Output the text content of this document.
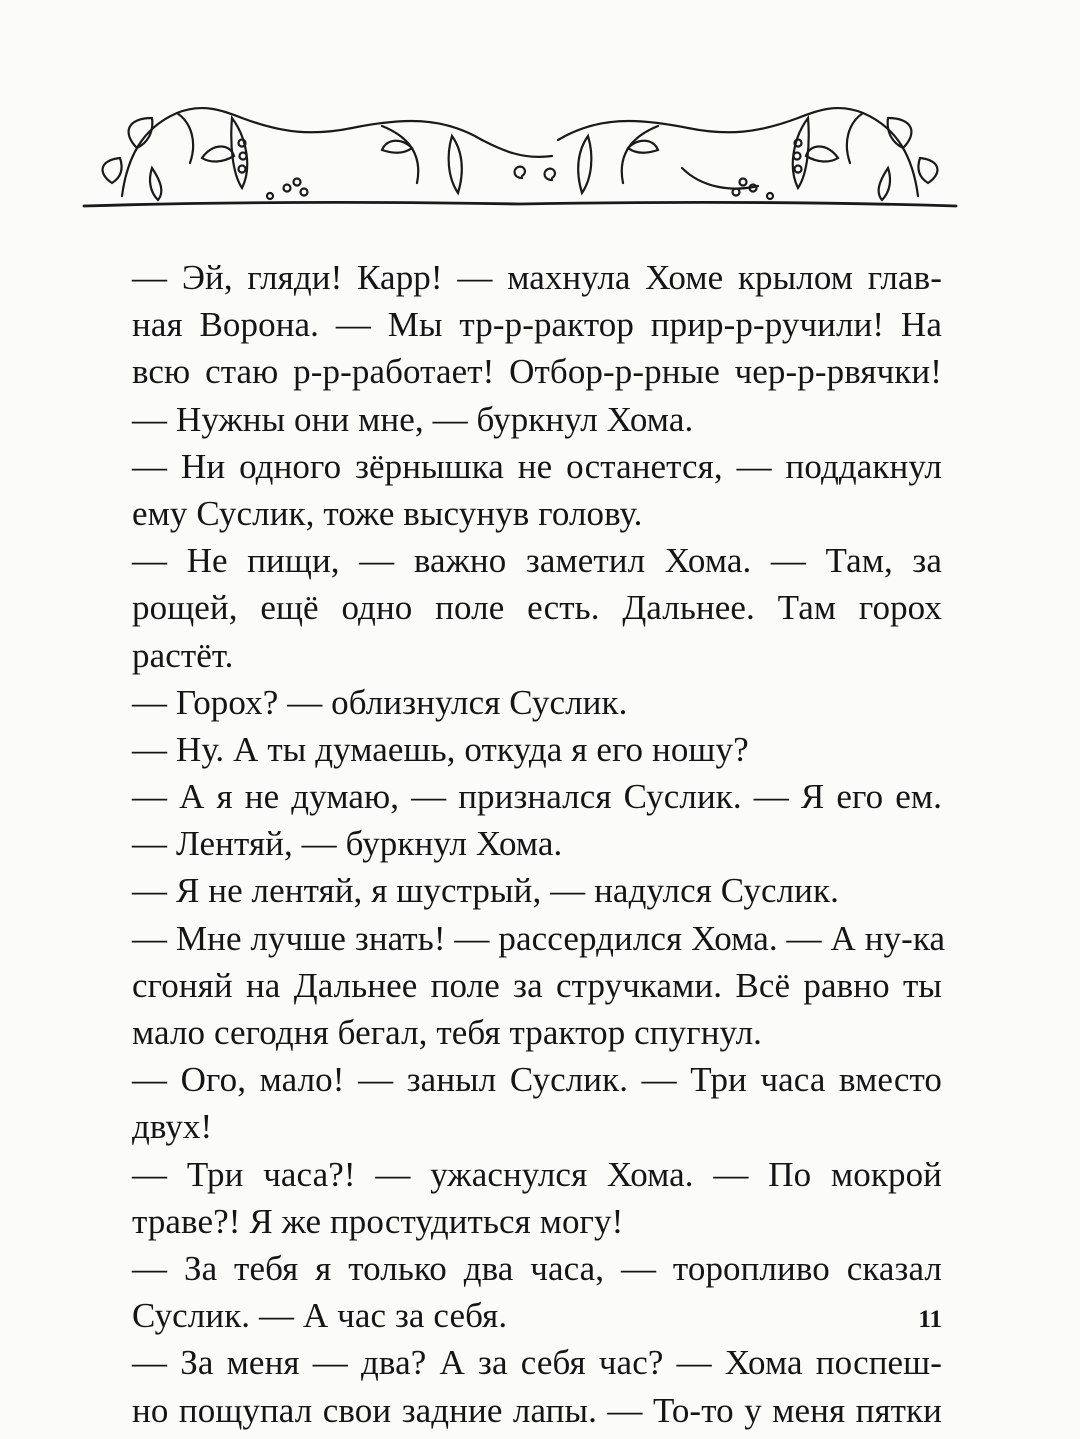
— Эй, гляди! Карр! — махнула Хоме крылом глав-
ная Ворона. — Мы тр-р-рактор прир-р-ручили! На
всю стаю р-р-работает! Отбор-р-рные чер-р-рвячки!
— Нужны они мне, — буркнул Хома.
— Ни одного зёрнышка не останется, — поддакнул
ему Суслик, тоже высунув голову.
— Не пищи, — важно заметил Хома. — Там, за
рощей, ещё одно поле есть. Дальнее. Там горох
растёт.
— Горох? — облизнулся Суслик.
— Ну. А ты думаешь, откуда я его ношу?
— А я не думаю, — признался Суслик. — Я его ем.
— Лентяй, — буркнул Хома.
— Я не лентяй, я шустрый, — надулся Суслик.
— Мне лучше знать! — рассердился Хома. — А ну-ка
сгоняй на Дальнее поле за стручками. Всё равно ты
мало сегодня бегал, тебя трактор спугнул.
— Ого, мало! — заныл Суслик. — Три часа вместо
двух!
— Три часа?! — ужаснулся Хома. — По мокрой
траве?! Я же простудиться могу!
— За тебя я только два часа, — торопливо сказал
Суслик. — А час за себя.
— За меня — два? А за себя час? — Хома поспеш-
но пощупал свои задние лапы. — То-то у меня пятки
11
